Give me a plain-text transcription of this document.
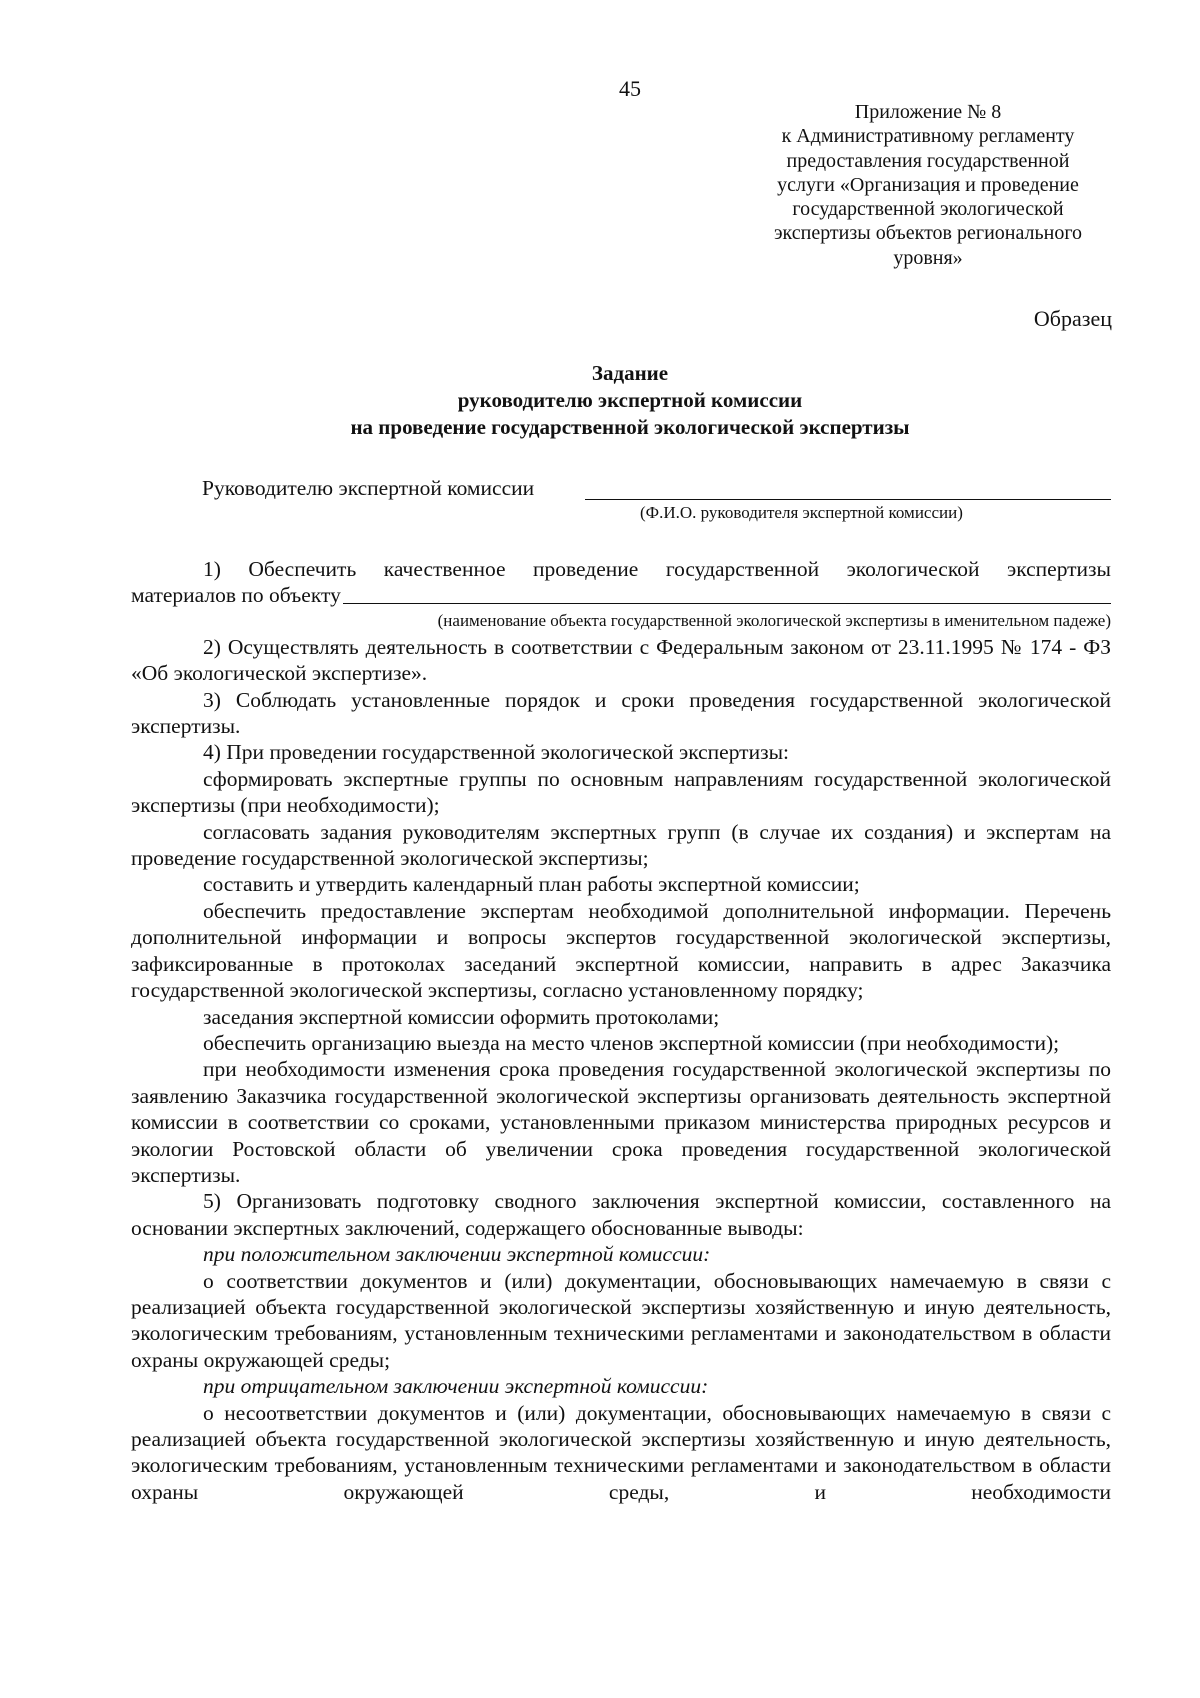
45
Приложение № 8
к Административному регламенту
предоставления государственной
услуги «Организация и проведение
государственной экологической
экспертизы объектов регионального
уровня»
Образец
Задание
руководителю экспертной комиссии
на проведение государственной экологической экспертизы
Руководителю экспертной комиссии
(Ф.И.О. руководителя экспертной комиссии)
1) Обеспечить качественное проведение государственной экологической экспертизы
материалов по объекту
(наименование объекта государственной экологической экспертизы в именительном падеже)
2) Осуществлять деятельность в соответствии с Федеральным законом от 23.11.1995 № 174 - ФЗ «Об экологической экспертизе».
3) Соблюдать установленные порядок и сроки проведения государственной экологической экспертизы.
4) При проведении государственной экологической экспертизы:
сформировать экспертные группы по основным направлениям государственной экологической экспертизы (при необходимости);
согласовать задания руководителям экспертных групп (в случае их создания) и экспертам на проведение государственной экологической экспертизы;
составить и утвердить календарный план работы экспертной комиссии;
обеспечить предоставление экспертам необходимой дополнительной информации. Перечень дополнительной информации и вопросы экспертов государственной экологической экспертизы, зафиксированные в протоколах заседаний экспертной комиссии, направить в адрес Заказчика государственной экологической экспертизы, согласно установленному порядку;
заседания экспертной комиссии оформить протоколами;
обеспечить организацию выезда на место членов экспертной комиссии (при необходимости);
при необходимости изменения срока проведения государственной экологической экспертизы по заявлению Заказчика государственной экологической экспертизы организовать деятельность экспертной комиссии в соответствии со сроками, установленными приказом министерства природных ресурсов и экологии Ростовской области об увеличении срока проведения государственной экологической экспертизы.
5) Организовать подготовку сводного заключения экспертной комиссии, составленного на основании экспертных заключений, содержащего обоснованные выводы:
при положительном заключении экспертной комиссии:
о соответствии документов и (или) документации, обосновывающих намечаемую в связи с реализацией объекта государственной экологической экспертизы хозяйственную и иную деятельность, экологическим требованиям, установленным техническими регламентами и законодательством в области охраны окружающей среды;
при отрицательном заключении экспертной комиссии:
о несоответствии документов и (или) документации, обосновывающих намечаемую в связи с реализацией объекта государственной экологической экспертизы хозяйственную и иную деятельность, экологическим требованиям, установленным техническими регламентами и законодательством в области охраны окружающей среды, и необходимости
